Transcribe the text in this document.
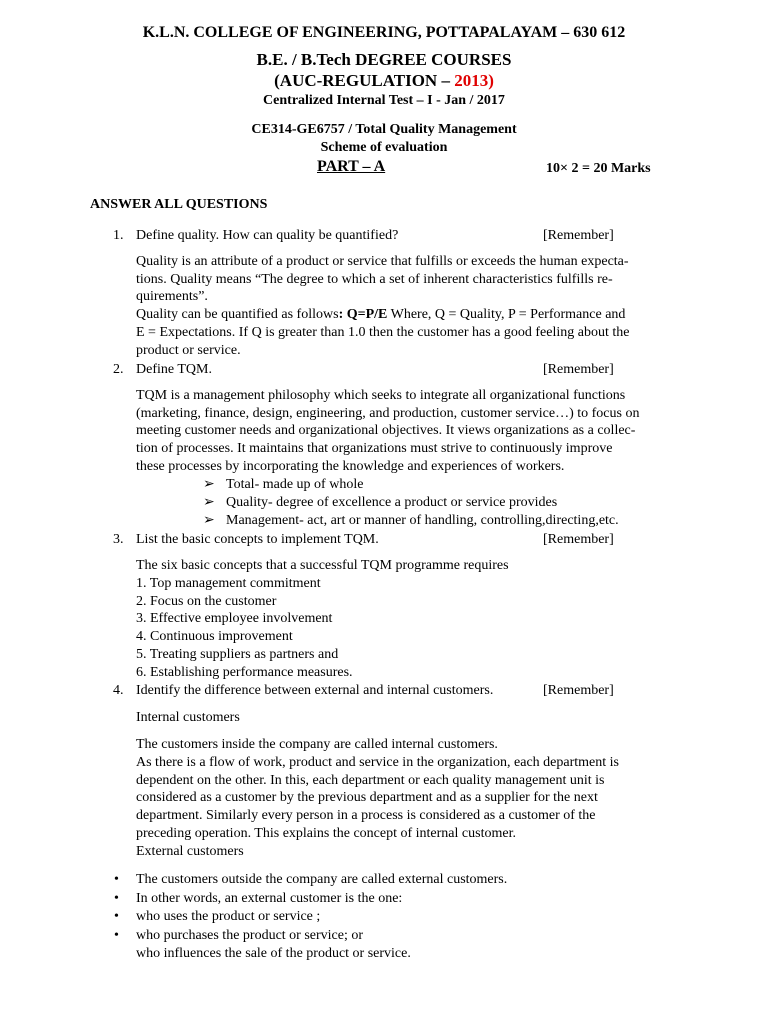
K.L.N. COLLEGE OF ENGINEERING, POTTAPALAYAM – 630 612
B.E. / B.Tech DEGREE COURSES
(AUC-REGULATION – 2013)
Centralized Internal Test – I - Jan / 2017
CE314-GE6757 / Total Quality Management
Scheme of evaluation
PART – A	10× 2 = 20 Marks
ANSWER ALL QUESTIONS
1. Define quality. How can quality be quantified?	[Remember]
Quality is an attribute of a product or service that fulfills or exceeds the human expecta-
tions. Quality means “The degree to which a set of inherent characteristics fulfills re-
quirements”.
Quality can be quantified as follows: Q=P/E Where, Q = Quality, P = Performance and
E = Expectations. If Q is greater than 1.0 then the customer has a good feeling about the
product or service.
2. Define TQM.	[Remember]
TQM is a management philosophy which seeks to integrate all organizational functions
(marketing, finance, design, engineering, and production, customer service…) to focus on
meeting customer needs and organizational objectives. It views organizations as a collec-
tion of processes. It maintains that organizations must strive to continuously improve
these processes by incorporating the knowledge and experiences of workers.
➢ Total- made up of whole
➢ Quality- degree of excellence a product or service provides
➢ Management- act, art or manner of handling, controlling,directing,etc.
3. List the basic concepts to implement TQM.	[Remember]
The six basic concepts that a successful TQM programme requires
1. Top management commitment
2. Focus on the customer
3. Effective employee involvement
4. Continuous improvement
5. Treating suppliers as partners and
6. Establishing performance measures.
4. Identify the difference between external and internal customers.	[Remember]
Internal customers
The customers inside the company are called internal customers.
As there is a flow of work, product and service in the organization, each department is
dependent on the other. In this, each department or each quality management unit is
considered as a customer by the previous department and as a supplier for the next
department. Similarly every person in a process is considered as a customer of the
preceding operation. This explains the concept of internal customer.
External customers
• The customers outside the company are called external customers.
• In other words, an external customer is the one:
• who uses the product or service ;
• who purchases the product or service; or
who influences the sale of the product or service.
